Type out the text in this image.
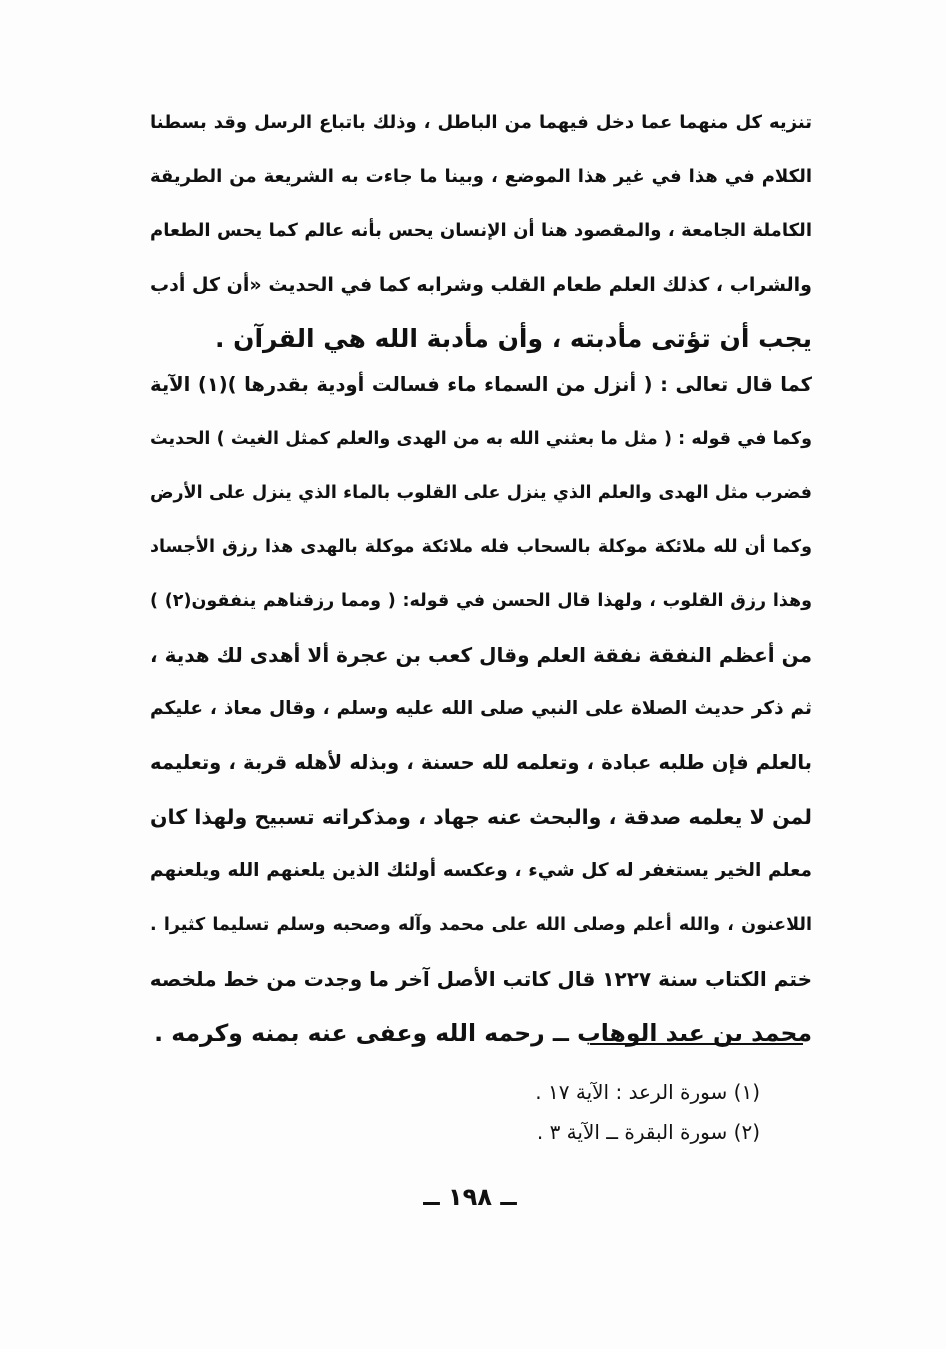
تنزيه كل منهما عما دخل فيهما من الباطل ، وذلك باتباع الرسل وقد بسطنا
الكلام في هذا في غير هذا الموضع ، وبينا ما جاءت به الشريعة من الطريقة
الكاملة الجامعة ، والمقصود هنا أن الإنسان يحس بأنه عالم كما يحس الطعام
والشراب ، كذلك العلم طعام القلب وشرابه كما في الحديث «أن كل أدب
يجب أن تؤتى مأدبته ، وأن مأدبة الله هي القرآن .
كما قال تعالى : ( أنزل من السماء ماء فسالت أودية بقدرها )(١) الآية
وكما في قوله : ( مثل ما بعثني الله به من الهدى والعلم كمثل الغيث ) الحديث
فضرب مثل الهدى والعلم الذي ينزل على القلوب بالماء الذي ينزل على الأرض
وكما أن لله ملائكة موكلة بالسحاب فله ملائكة موكلة بالهدى هذا رزق الأجساد
وهذا رزق القلوب ، ولهذا قال الحسن في قوله: ( ومما رزقناهم ينفقون(٢) )
من أعظم النفقة نفقة العلم وقال كعب بن عجرة ألا أهدى لك هدية ،
ثم ذكر حديث الصلاة على النبي صلى الله عليه وسلم ، وقال معاذ ، عليكم
بالعلم فإن طلبه عبادة ، وتعلمه لله حسنة ، وبذله لأهله قربة ، وتعليمه
لمن لا يعلمه صدقة ، والبحث عنه جهاد ، ومذكراته تسبيح ولهذا كان
معلم الخير يستغفر له كل شيء ، وعكسه أولئك الذين يلعنهم الله ويلعنهم
اللاعنون ، والله أعلم وصلى الله على محمد وآله وصحبه وسلم تسليما كثيرا .
ختم الكتاب سنة ١٢٢٧ قال كاتب الأصل آخر ما وجدت من خط ملخصه
محمد بن عبد الوهاب ــ رحمه الله وعفى عنه بمنه وكرمه .
(١) سورة الرعد : الآية ١٧ .
(٢) سورة البقرة ــ الآية ٣ .
ــ ١٩٨ ــ
